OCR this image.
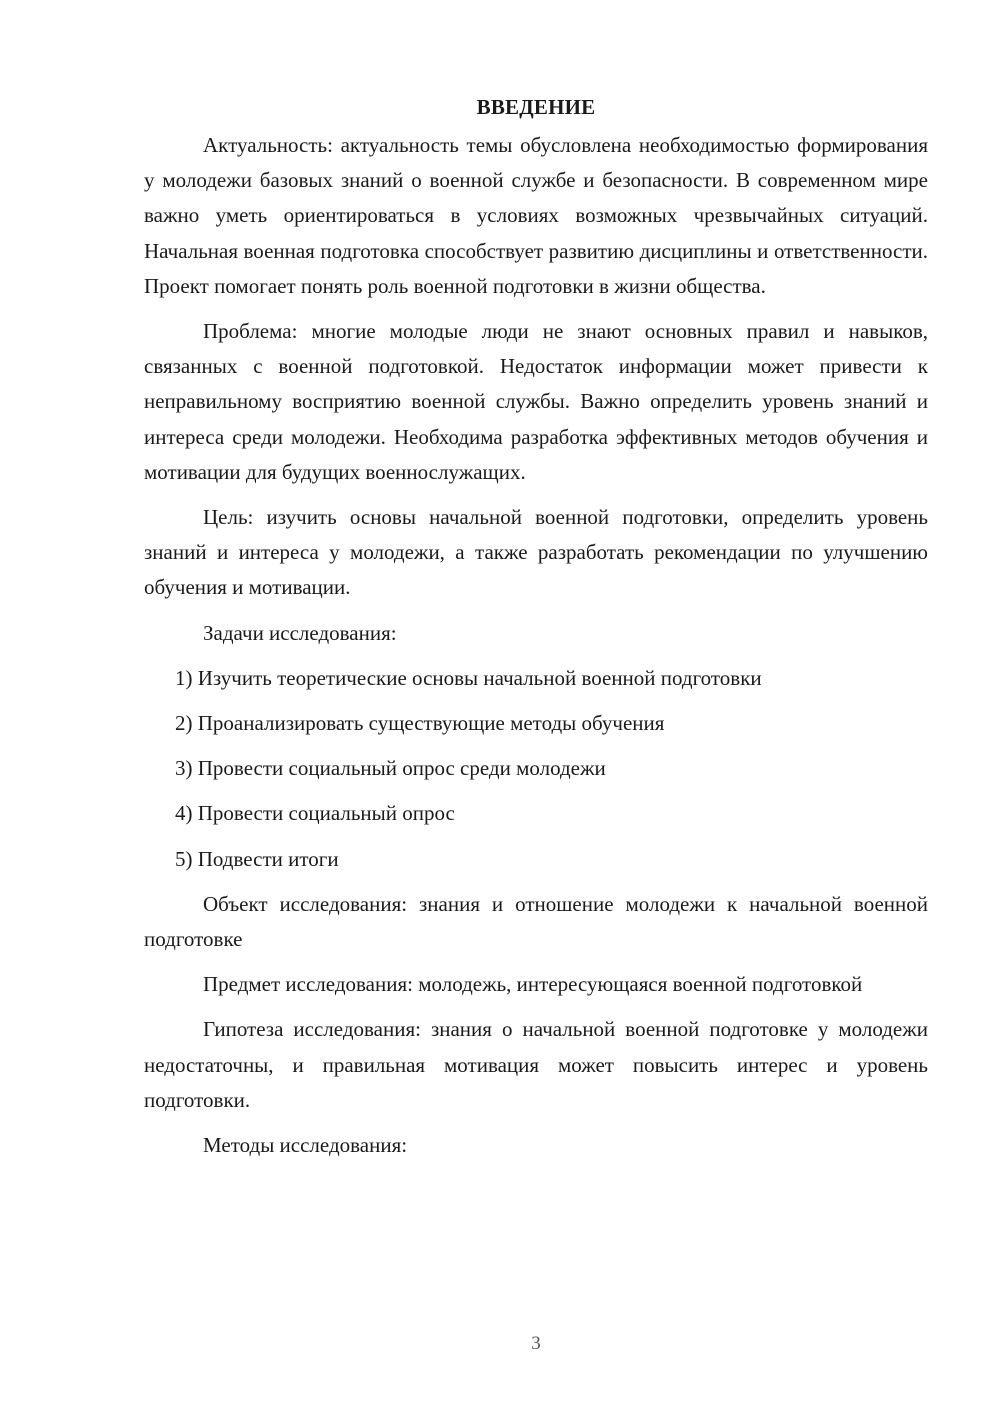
ВВЕДЕНИЕ

Актуальность: актуальность темы обусловлена необходимостью формирования у молодежи базовых знаний о военной службе и безопасности. В современном мире важно уметь ориентироваться в условиях возможных чрезвычайных ситуаций. Начальная военная подготовка способствует развитию дисциплины и ответственности. Проект помогает понять роль военной подготовки в жизни общества.

Проблема: многие молодые люди не знают основных правил и навыков, связанных с военной подготовкой. Недостаток информации может привести к неправильному восприятию военной службы. Важно определить уровень знаний и интереса среди молодежи. Необходима разработка эффективных методов обучения и мотивации для будущих военнослужащих.

Цель: изучить основы начальной военной подготовки, определить уровень знаний и интереса у молодежи, а также разработать рекомендации по улучшению обучения и мотивации.

Задачи исследования:
1) Изучить теоретические основы начальной военной подготовки
2) Проанализировать существующие методы обучения
3) Провести социальный опрос среди молодежи
4) Провести социальный опрос
5) Подвести итоги

Объект исследования: знания и отношение молодежи к начальной военной подготовке

Предмет исследования: молодежь, интересующаяся военной подготовкой

Гипотеза исследования: знания о начальной военной подготовке у молодежи недостаточны, и правильная мотивация может повысить интерес и уровень подготовки.

Методы исследования:
3
